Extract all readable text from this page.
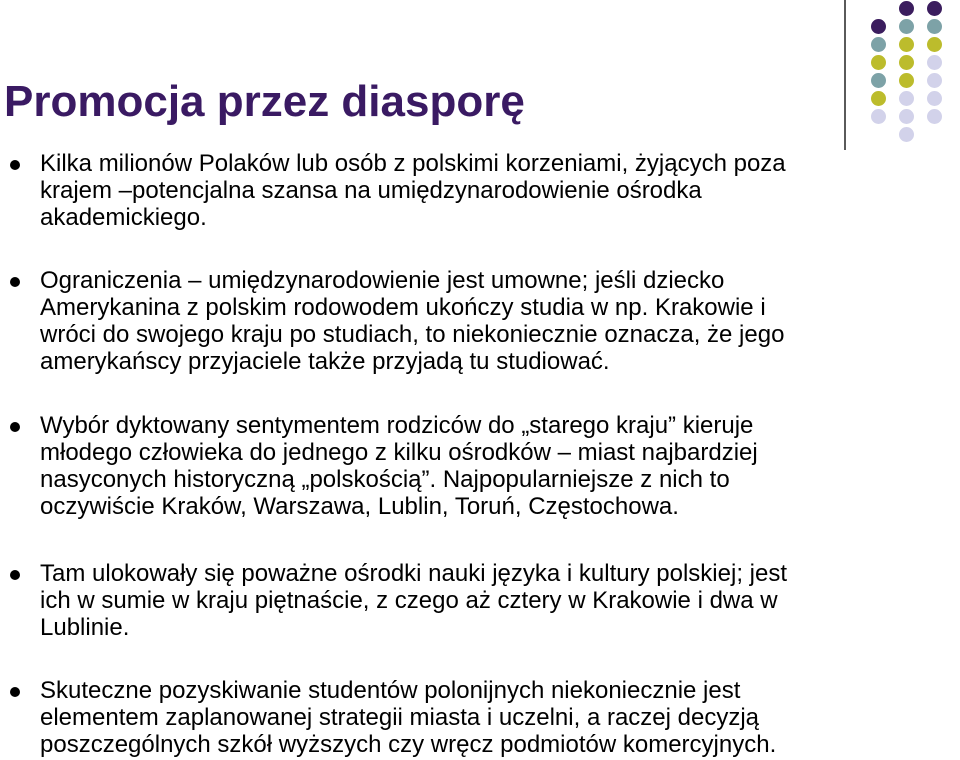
Promocja przez diasporę

Kilka milionów Polaków lub osób z polskimi korzeniami, żyjących poza
krajem –potencjalna szansa na umiędzynarodowienie ośrodka
akademickiego.

Ograniczenia – umiędzynarodowienie jest umowne; jeśli dziecko
Amerykanina z polskim rodowodem ukończy studia w np. Krakowie i
wróci do swojego kraju po studiach, to niekoniecznie oznacza, że jego
amerykańscy przyjaciele także przyjadą tu studiować.

Wybór dyktowany sentymentem rodziców do „starego kraju” kieruje
młodego człowieka do jednego z kilku ośrodków – miast najbardziej
nasyconych historyczną „polskością”. Najpopularniejsze z nich to
oczywiście Kraków, Warszawa, Lublin, Toruń, Częstochowa.

Tam ulokowały się poważne ośrodki nauki języka i kultury polskiej; jest
ich w sumie w kraju piętnaście, z czego aż cztery w Krakowie i dwa w
Lublinie.

Skuteczne pozyskiwanie studentów polonijnych niekoniecznie jest
elementem zaplanowanej strategii miasta i uczelni, a raczej decyzją
poszczególnych szkół wyższych czy wręcz podmiotów komercyjnych.
